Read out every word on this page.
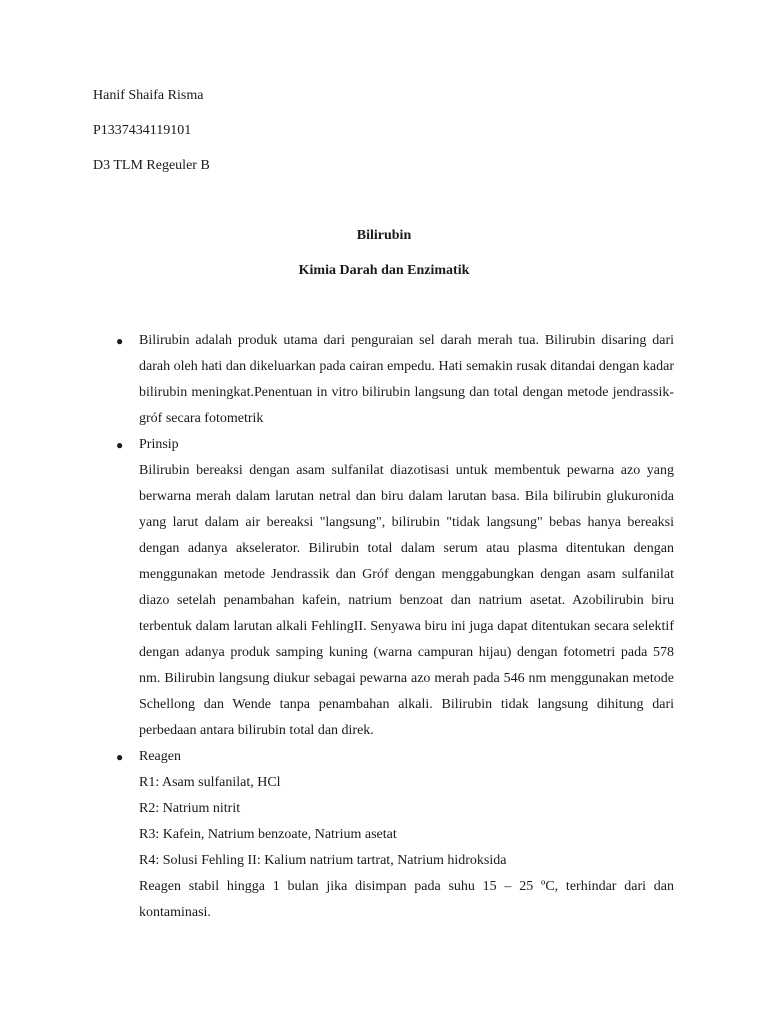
Hanif Shaifa Risma
P1337434119101
D3 TLM Regeuler B
Bilirubin
Kimia Darah dan Enzimatik
● Bilirubin adalah produk utama dari penguraian sel darah merah tua. Bilirubin disaring dari darah oleh hati dan dikeluarkan pada cairan empedu. Hati semakin rusak ditandai dengan kadar bilirubin meningkat.Penentuan in vitro bilirubin langsung dan total dengan metode jendrassik-gróf secara fotometrik
● Prinsip
Bilirubin bereaksi dengan asam sulfanilat diazotisasi untuk membentuk pewarna azo yang berwarna merah dalam larutan netral dan biru dalam larutan basa. Bila bilirubin glukuronida yang larut dalam air bereaksi "langsung", bilirubin "tidak langsung" bebas hanya bereaksi dengan adanya akselerator. Bilirubin total dalam serum atau plasma ditentukan dengan menggunakan metode Jendrassik dan Gróf dengan menggabungkan dengan asam sulfanilat diazo setelah penambahan kafein, natrium benzoat dan natrium asetat. Azobilirubin biru terbentuk dalam larutan alkali FehlingII. Senyawa biru ini juga dapat ditentukan secara selektif dengan adanya produk samping kuning (warna campuran hijau) dengan fotometri pada 578 nm. Bilirubin langsung diukur sebagai pewarna azo merah pada 546 nm menggunakan metode Schellong dan Wende tanpa penambahan alkali. Bilirubin tidak langsung dihitung dari perbedaan antara bilirubin total dan direk.
● Reagen
R1: Asam sulfanilat, HCl
R2: Natrium nitrit
R3: Kafein, Natrium benzoate, Natrium asetat
R4: Solusi Fehling II: Kalium natrium tartrat, Natrium hidroksida
Reagen stabil hingga 1 bulan jika disimpan pada suhu 15 – 25 ºC, terhindar dari dan kontaminasi.
